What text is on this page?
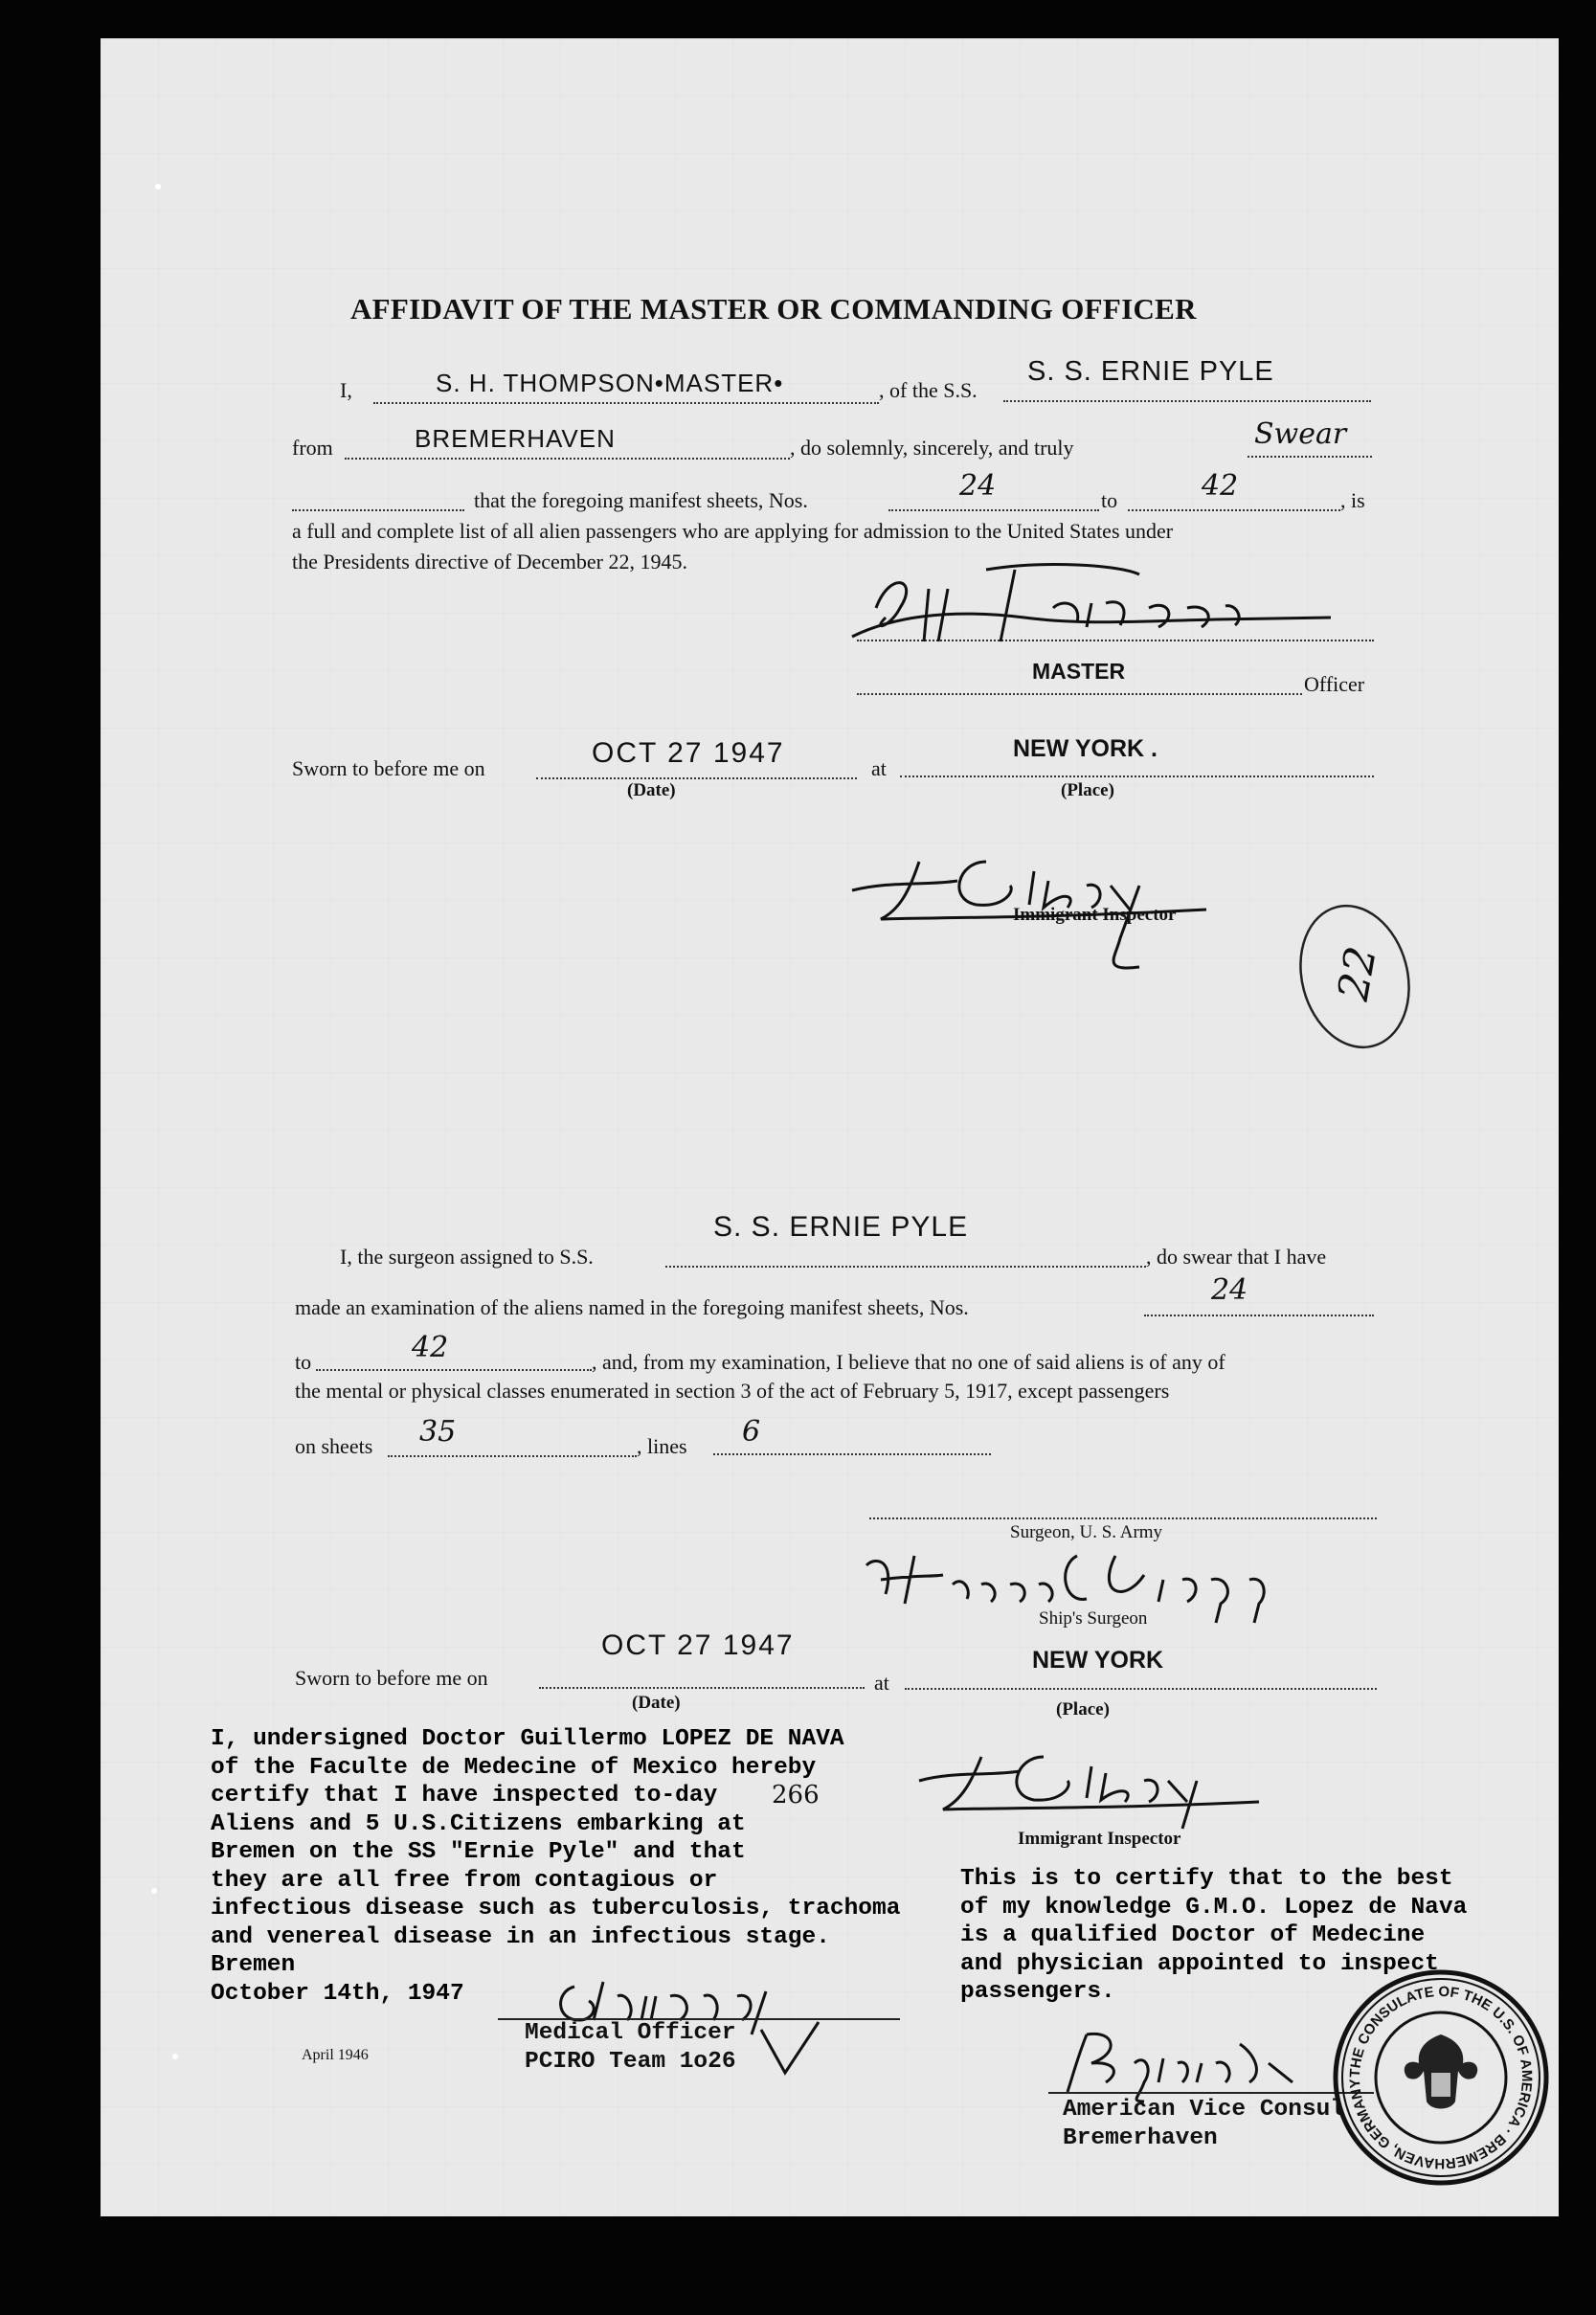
AFFIDAVIT OF THE MASTER OR COMMANDING OFFICER
I,	S. H. THOMPSON•MASTER•	, of the S.S.
S. S. ERNIE PYLE
from	BREMERHAVEN	, do solemnly, sincerely, and truly	Swear
that the foregoing manifest sheets, Nos.	24	to	42	, is
a full and complete list of all alien passengers who are applying for admission to the United States under
the Presidents directive of December 22, 1945.
MASTER
Officer
Sworn to before me on	OCT 27 1947	at
NEW YORK .
(Date)	(Place)
Immigrant Inspector
22
I, the surgeon assigned to S.S.
S. S. ERNIE PYLE
, do swear that I have
made an examination of the aliens named in the foregoing manifest sheets, Nos.
24
to	42	, and, from my examination, I believe that no one of said aliens is of any of
the mental or physical classes enumerated in section 3 of the act of February 5, 1917, except passengers
on sheets 35	, lines 6
Surgeon, U. S. Army
Ship's Surgeon
Sworn to before me on
OCT 27 1947
at
NEW YORK
(Date)	(Place)
Immigrant Inspector
I, undersigned Doctor Guillermo LOPEZ DE NAVA
of the Faculte de Medecine of Mexico hereby
certify that I have inspected to-day
Aliens and 5 U.S.Citizens embarking at
Bremen on the SS "Ernie Pyle" and that
they are all free from contagious or
infectious disease such as tuberculosis, trachoma
and venereal disease in an infectious stage.
Bremen
October 14th, 1947
266
Medical Officer
PCIRO Team 1o26
This is to certify that to the best
of my knowledge G.M.O. Lopez de Nava
is a qualified Doctor of Medecine
and physician appointed to inspect
passengers.
American Vice Consul
Bremerhaven
THE CONSULATE OF THE U.S. OF AMERICA · BREMERHAVEN, GERMANY
April 1946
